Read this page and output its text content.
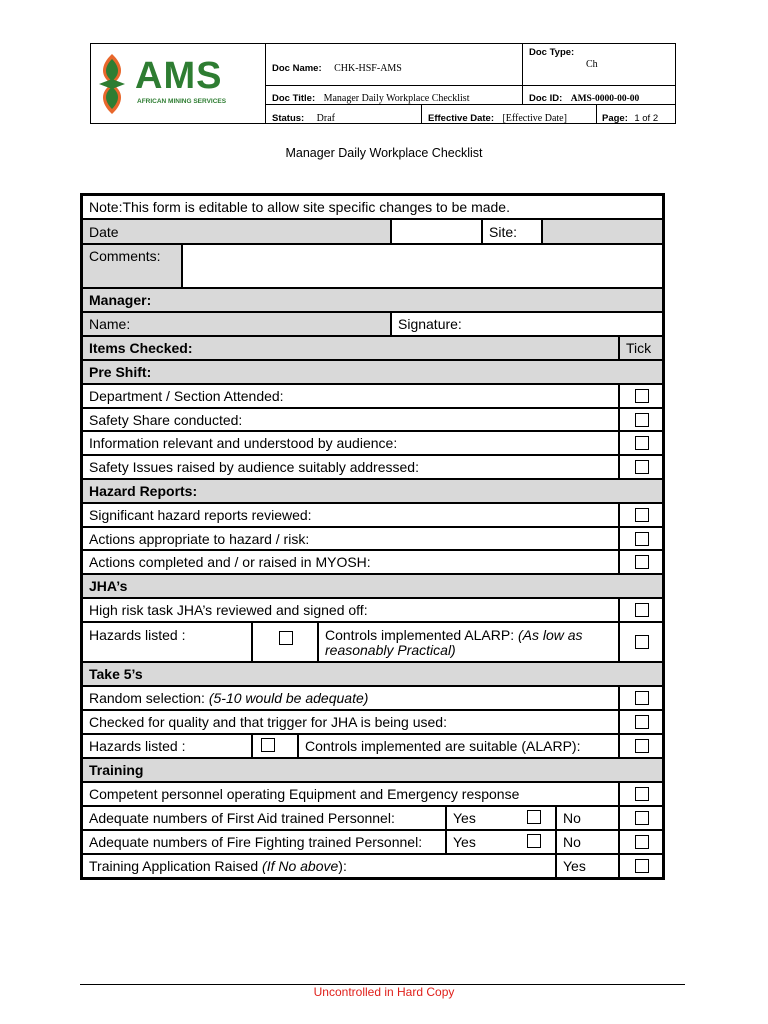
AMS
AFRICAN MINING SERVICES
Doc Name: CHK-HSF-AMS
Doc Type:
Ch
Doc Title: Manager Daily Workplace Checklist	Doc ID: AMS-0000-00-00
Status: Draf	Effective Date: [Effective Date]	Page: 1 of 2
Manager Daily Workplace Checklist
Note:This form is editable to allow site specific changes to be made.
Date	Site:
Comments:
Manager:
Name:	Signature:
Items Checked:	Tick
Pre Shift:
Department / Section Attended:
Safety Share conducted:
Information relevant and understood by audience:
Safety Issues raised by audience suitably addressed:
Hazard Reports:
Significant hazard reports reviewed:
Actions appropriate to hazard / risk:
Actions completed and / or raised in MYOSH:
JHA’s
High risk task JHA’s reviewed and signed off:
Hazards listed :	Controls implemented ALARP: (As low as reasonably Practical)
Take 5’s
Random selection: (5-10 would be adequate)
Checked for quality and that trigger for JHA is being used:
Hazards listed :	Controls implemented are suitable (ALARP):
Training
Competent personnel operating Equipment and Emergency response
Adequate numbers of First Aid trained Personnel:	Yes	No
Adequate numbers of Fire Fighting trained Personnel:	Yes	No
Training Application Raised (If No above ):	Yes
Uncontrolled in Hard Copy
